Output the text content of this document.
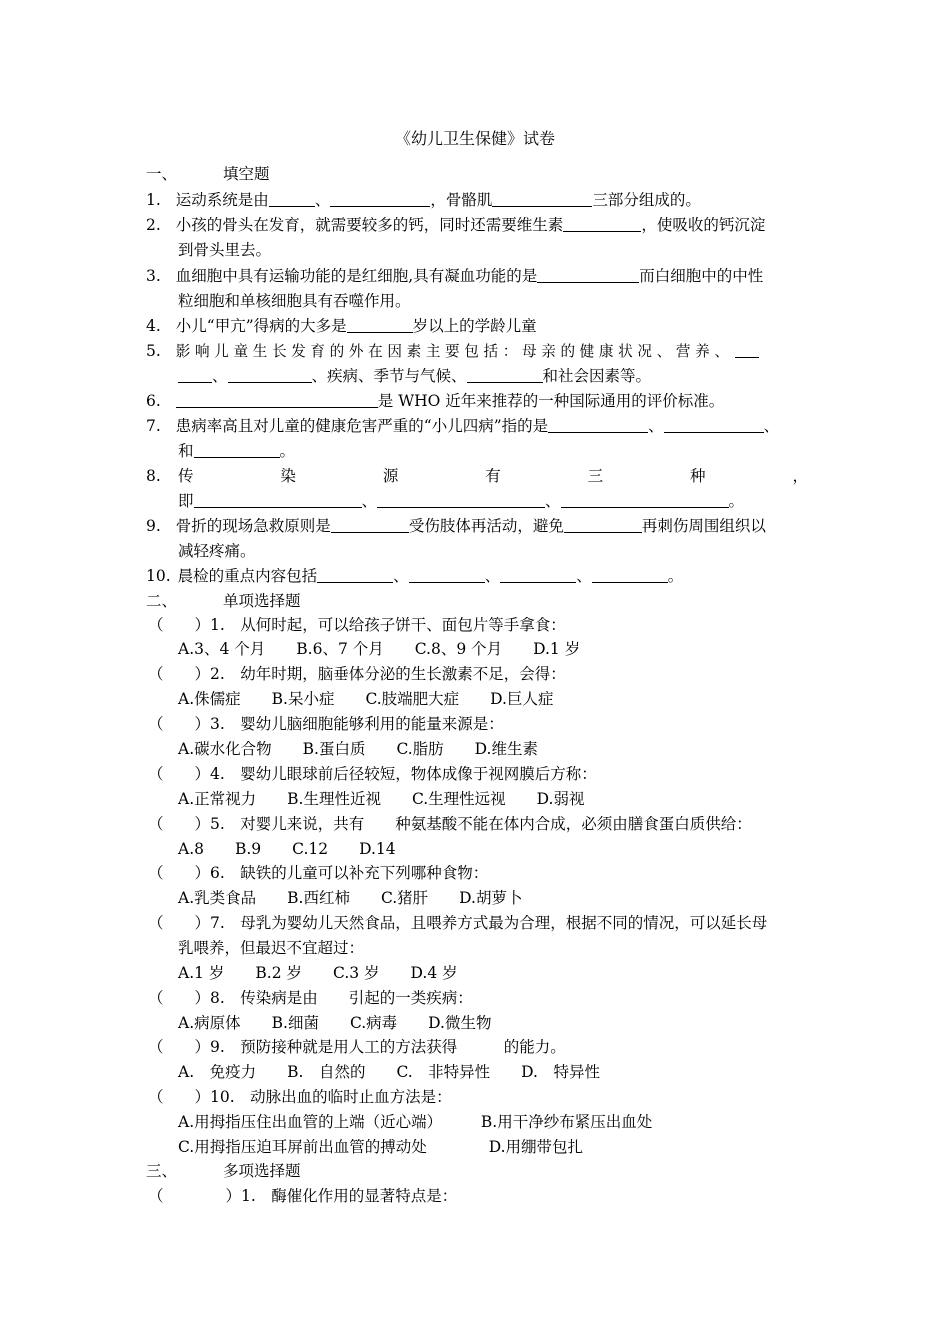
《幼儿卫生保健》试卷
一、	填空题
1. 运动系统是由	、	，骨骼肌	三部分组成的。
2. 小孩的骨头在发育，就需要较多的钙，同时还需要维生素	，使吸收的钙沉淀
到骨头里去。
3. 血细胞中具有运输功能的是红细胞,具有凝血功能的是	而白细胞中的中性
粒细胞和单核细胞具有吞噬作用。
4. 小儿“甲亢”得病的大多是	岁以上的学龄儿童
5. 影 响 儿 童 生 长 发 育 的 外 在 因 素 主 要 包 括 ： 母 亲 的 健 康 状 况 、 营 养 、
、	、疾病、季节与气候、	和社会因素等。
6.	是 WHO 近年来推荐的一种国际通用的评价标准。
7. 患病率高且对儿童的健康危害严重的“小儿四病”指的是	、	、
和	。
8. 传	染	源	有	三	种	，
即	、	、	。
9. 骨折的现场急救原则是	受伤肢体再活动，避免	再刺伤周围组织以
减轻疼痛。
10. 晨检的重点内容包括	、	、	、	。
二、	单项选择题
（　　）1.　从何时起，可以给孩子饼干、面包片等手拿食：
A.3、4 个月　　B.6、7 个月　　C.8、9 个月　　D.1 岁
（　　）2.　幼年时期，脑垂体分泌的生长激素不足，会得：
A.侏儒症　　B.呆小症　　C.肢端肥大症　　D.巨人症
（　　）3.　婴幼儿脑细胞能够利用的能量来源是：
A.碳水化合物　　B.蛋白质　　C.脂肪　　D.维生素
（　　）4.　婴幼儿眼球前后径较短，物体成像于视网膜后方称：
A.正常视力　　B.生理性近视　　C.生理性远视　　D.弱视
（　　）5.　对婴儿来说，共有　　种氨基酸不能在体内合成，必须由膳食蛋白质供给：
A.8　　B.9　　C.12　　D.14
（　　）6.　缺铁的儿童可以补充下列哪种食物：
A.乳类食品　　B.西红柿　　C.猪肝　　D.胡萝卜
（　　）7.　母乳为婴幼儿天然食品，且喂养方式最为合理，根据不同的情况，可以延长母
乳喂养，但最迟不宜超过：
A.1 岁　　B.2 岁　　C.3 岁　　D.4 岁
（　　）8.　传染病是由　　引起的一类疾病：
A.病原体　　B.细菌　　C.病毒　　D.微生物
（　　）9.　预防接种就是用人工的方法获得　　　的能力。
A.　免疫力　　B.　自然的　　C.　非特异性　　D.　特异性
（　　）10.　动脉出血的临时止血方法是：
A.用拇指压住出血管的上端（近心端）　　　B.用干净纱布紧压出血处
C.用拇指压迫耳屏前出血管的搏动处　　　　D.用绷带包扎
三、	多项选择题
（　　　　）1.　酶催化作用的显著特点是：
